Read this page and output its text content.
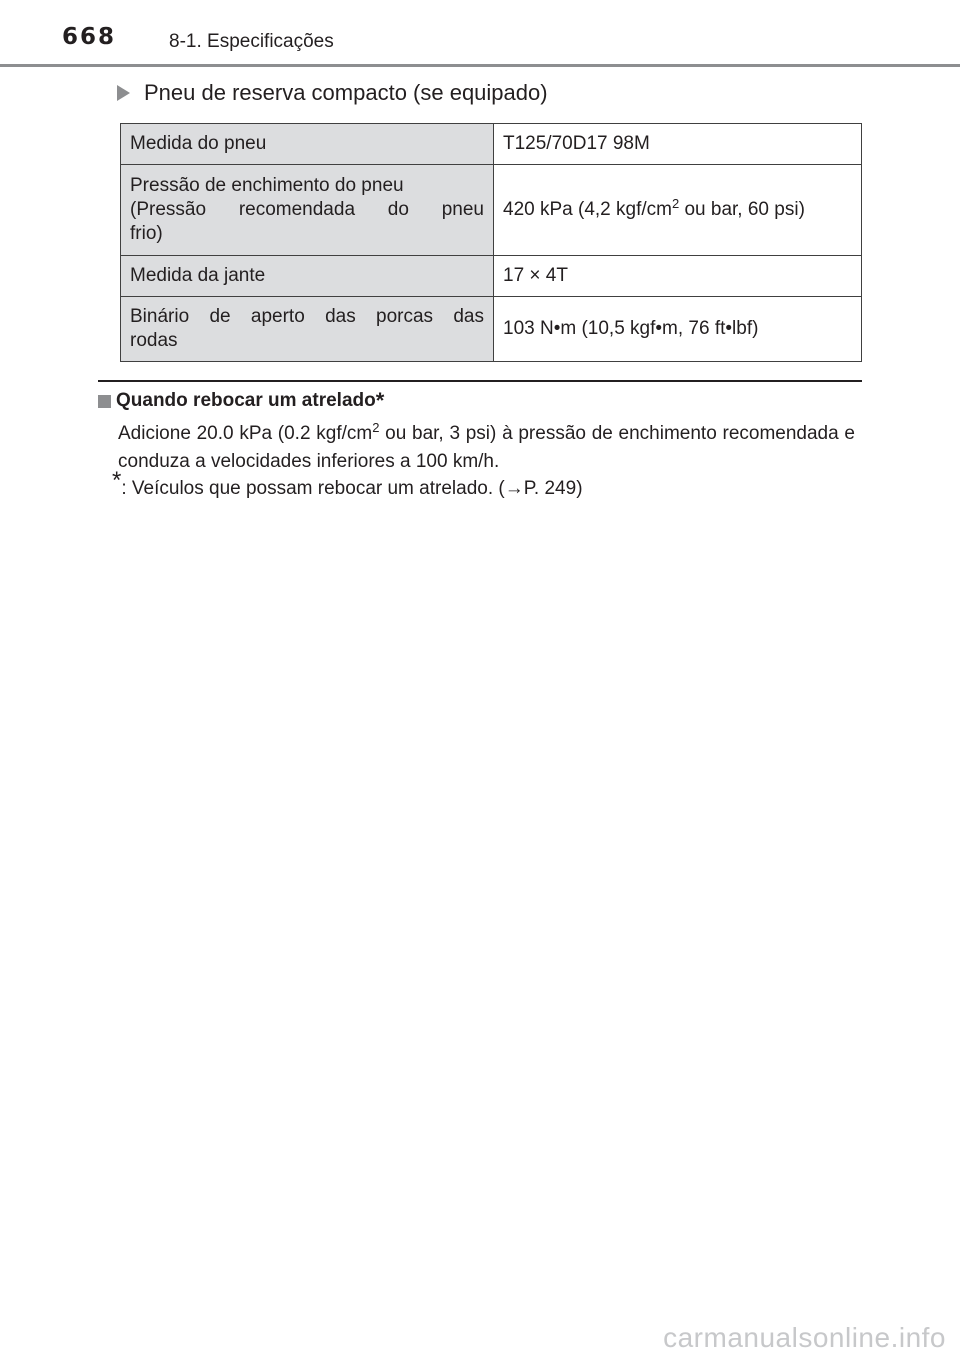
668	8-1. Especificações
Pneu de reserva compacto (se equipado)
Medida do pneu	T125/70D17 98M

Pressão de enchimento do pneu
(Pressão recomendada do pneu
frio)	420 kPa (4,2 kgf/$cm^2$ ou bar, 60 psi)
Medida da jante	17 × 4T

Binário de aperto das porcas das
rodas	103 N•m (10,5 kgf•m, 76 ft•lbf)
Quando rebocar um atrelado *
Adicione 20.0 kPa (0.2 kgf/$cm^2$ ou bar, 3 psi) à pressão de enchimento recomendada e conduza a velocidades inferiores a 100 km/h.
*: Veículos que possam rebocar um atrelado. (→P. 249)
carmanualsonline.info
